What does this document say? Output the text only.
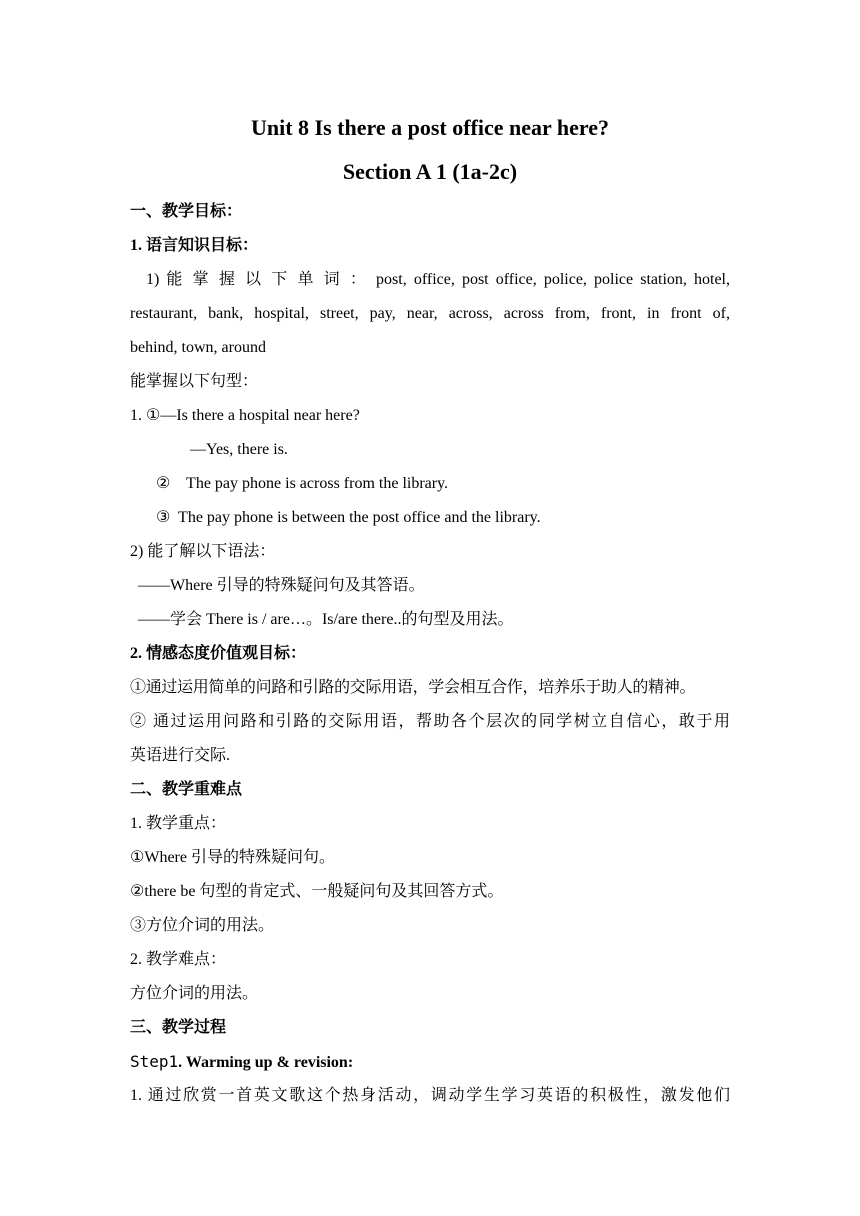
Unit 8 Is there a post office near here?
Section A 1 (1a-2c)
一、教学目标：
1. 语言知识目标：
1) 能 掌 握 以 下 单 词 ： post, office, post office, police, police station, hotel,
restaurant, bank, hospital, street, pay, near, across, across from, front, in front of,
behind, town, around
能掌握以下句型：
1. ①—Is there a hospital near here?
—Yes, there is.
②    The pay phone is across from the library.
③  The pay phone is between the post office and the library.
2) 能了解以下语法：
——Where 引导的特殊疑问句及其答语。
——学会 There is / are…。Is/are there..的句型及用法。
2. 情感态度价值观目标：
①通过运用简单的问路和引路的交际用语，学会相互合作，培养乐于助人的精神。
② 通过运用问路和引路的交际用语，帮助各个层次的同学树立自信心，敢于用
英语进行交际.
二、教学重难点
1. 教学重点：
①Where 引导的特殊疑问句。
②there be 句型的肯定式、一般疑问句及其回答方式。
③方位介词的用法。
2. 教学难点：
方位介词的用法。
三、教学过程
Step1. Warming up & revision:
1. 通过欣赏一首英文歌这个热身活动，调动学生学习英语的积极性，激发他们
